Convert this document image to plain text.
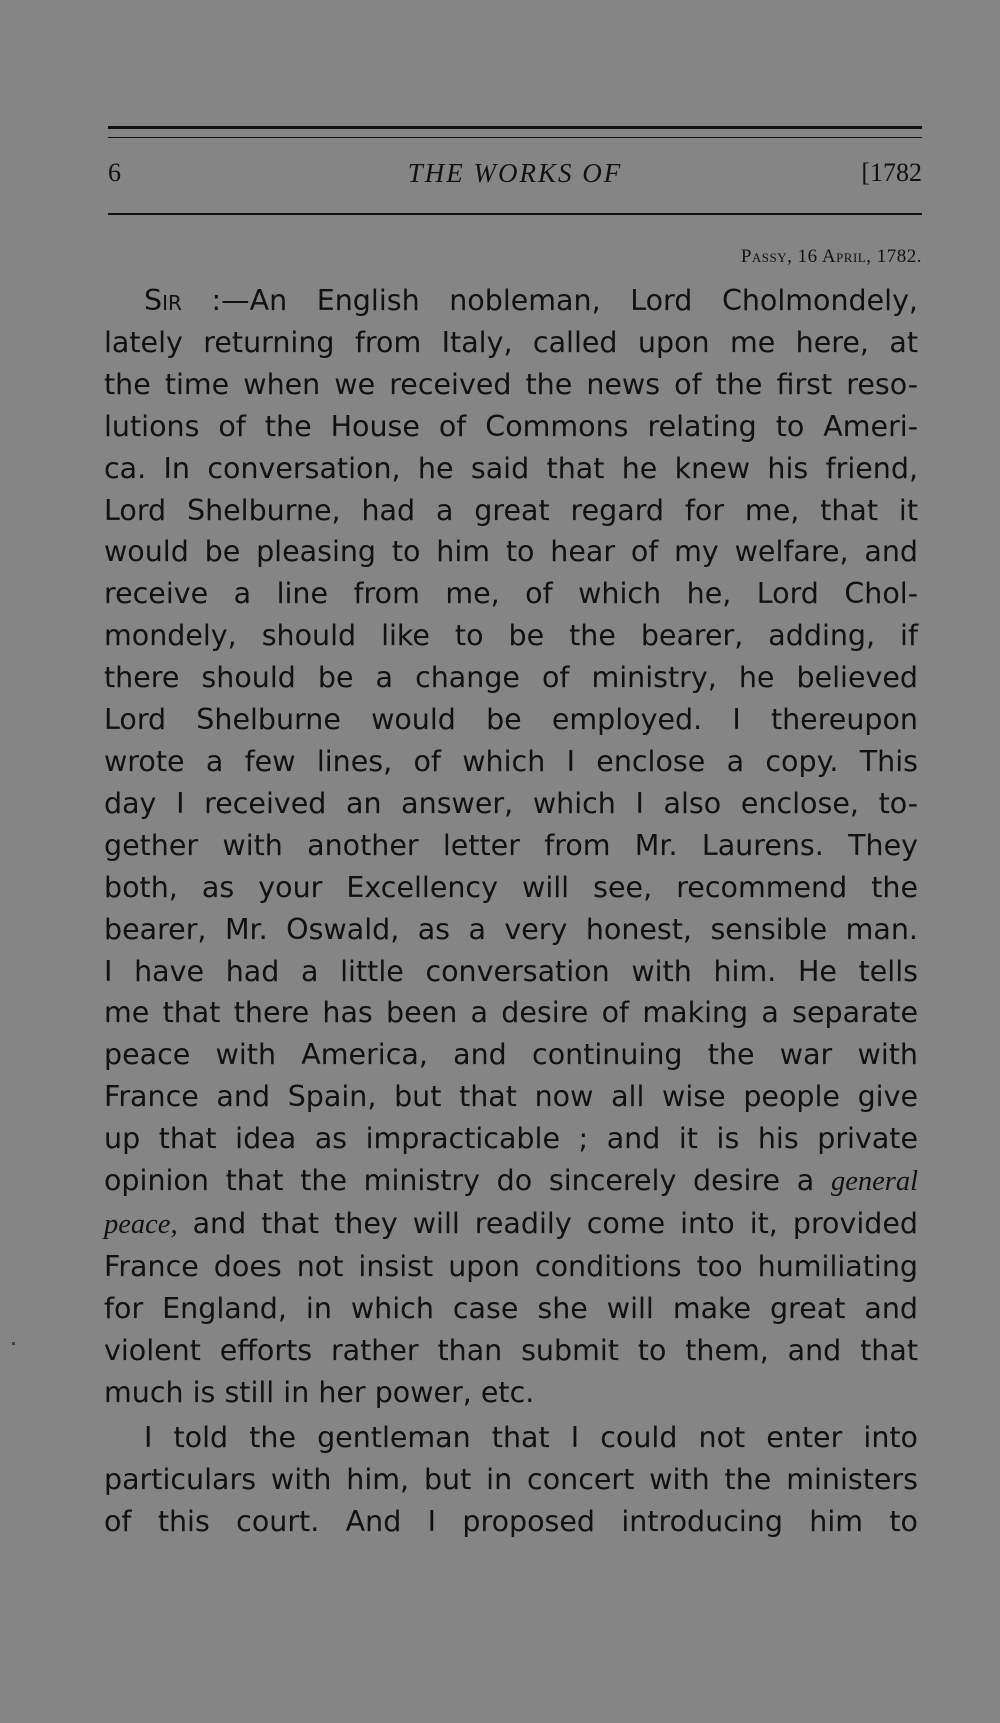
6	THE WORKS OF	[1782
Passy, 16 April, 1782.
Sir :—An English nobleman, Lord Cholmondely,
lately returning from Italy, called upon me here, at
the time when we received the news of the first reso-
lutions of the House of Commons relating to Ameri-
ca. In conversation, he said that he knew his friend,
Lord Shelburne, had a great regard for me, that it
would be pleasing to him to hear of my welfare, and
receive a line from me, of which he, Lord Chol-
mondely, should like to be the bearer, adding, if
there should be a change of ministry, he believed
Lord Shelburne would be employed. I thereupon
wrote a few lines, of which I enclose a copy. This
day I received an answer, which I also enclose, to-
gether with another letter from Mr. Laurens. They
both, as your Excellency will see, recommend the
bearer, Mr. Oswald, as a very honest, sensible man.
I have had a little conversation with him. He tells
me that there has been a desire of making a separate
peace with America, and continuing the war with
France and Spain, but that now all wise people give
up that idea as impracticable ; and it is his private
opinion that the ministry do sincerely desire a general
peace, and that they will readily come into it, provided
France does not insist upon conditions too humiliating
for England, in which case she will make great and
violent efforts rather than submit to them, and that
much is still in her power, etc.
I told the gentleman that I could not enter into
particulars with him, but in concert with the ministers
of this court. And I proposed introducing him to
